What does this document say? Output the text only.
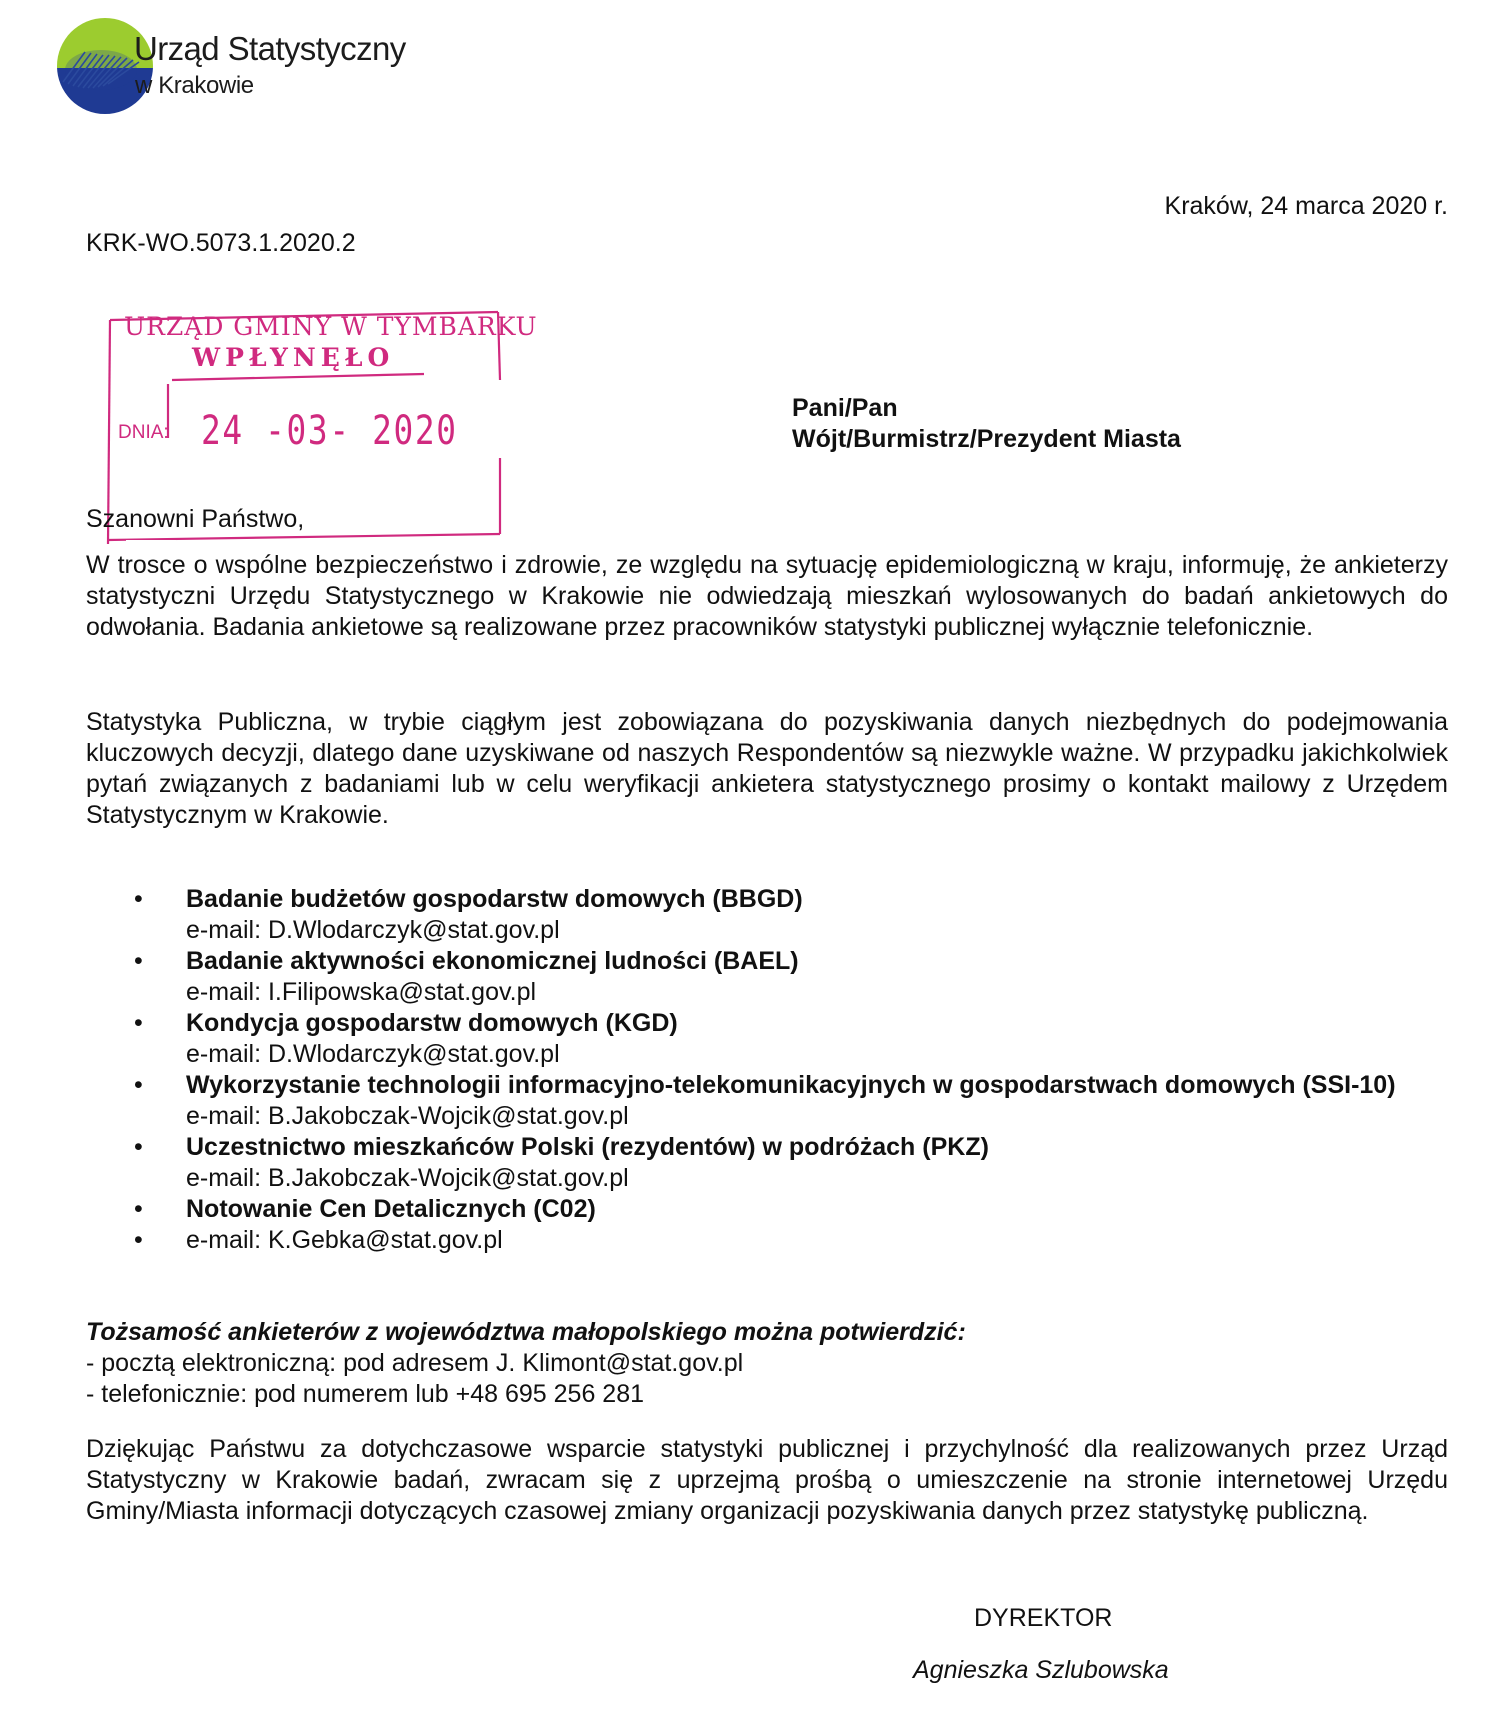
Urząd Statystyczny
w Krakowie
Kraków, 24 marca 2020 r.
KRK-WO.5073.1.2020.2
URZĄD GMINY W TYMBARKU
WPŁYNĘŁO
DNIA: 24 -03- 2020	Pani/Pan
Wójt/Burmistrz/Prezydent Miasta
Szanowni Państwo,
W trosce o wspólne bezpieczeństwo i zdrowie, ze względu na sytuację epidemiologiczną w kraju, informuję, że ankieterzy statystyczni Urzędu Statystycznego w Krakowie nie odwiedzają mieszkań wylosowanych do badań ankietowych do odwołania. Badania ankietowe są realizowane przez pracowników statystyki publicznej wyłącznie telefonicznie.
Statystyka Publiczna, w trybie ciągłym jest zobowiązana do pozyskiwania danych niezbędnych do podejmowania kluczowych decyzji, dlatego dane uzyskiwane od naszych Respondentów są niezwykle ważne. W przypadku jakichkolwiek pytań związanych z badaniami lub w celu weryfikacji ankietera statystycznego prosimy o kontakt mailowy z Urzędem Statystycznym w Krakowie.
• Badanie budżetów gospodarstw domowych (BBGD)
e-mail: D.Wlodarczyk@stat.gov.pl
• Badanie aktywności ekonomicznej ludności (BAEL)
e-mail: I.Filipowska@stat.gov.pl
• Kondycja gospodarstw domowych (KGD)
e-mail: D.Wlodarczyk@stat.gov.pl
• Wykorzystanie technologii informacyjno-telekomunikacyjnych w gospodarstwach domowych (SSI-10)
e-mail: B.Jakobczak-Wojcik@stat.gov.pl
• Uczestnictwo mieszkańców Polski (rezydentów) w podróżach (PKZ)
e-mail: B.Jakobczak-Wojcik@stat.gov.pl
• Notowanie Cen Detalicznych (C02)
• e-mail: K.Gebka@stat.gov.pl
Tożsamość ankieterów z województwa małopolskiego można potwierdzić:
- pocztą elektroniczną: pod adresem J. Klimont@stat.gov.pl
- telefonicznie: pod numerem lub +48 695 256 281
Dziękując Państwu za dotychczasowe wsparcie statystyki publicznej i przychylność dla realizowanych przez Urząd Statystyczny w Krakowie badań, zwracam się z uprzejmą prośbą o umieszczenie na stronie internetowej Urzędu Gminy/Miasta informacji dotyczących czasowej zmiany organizacji pozyskiwania danych przez statystykę publiczną.
DYREKTOR
Agnieszka Szlubowska
